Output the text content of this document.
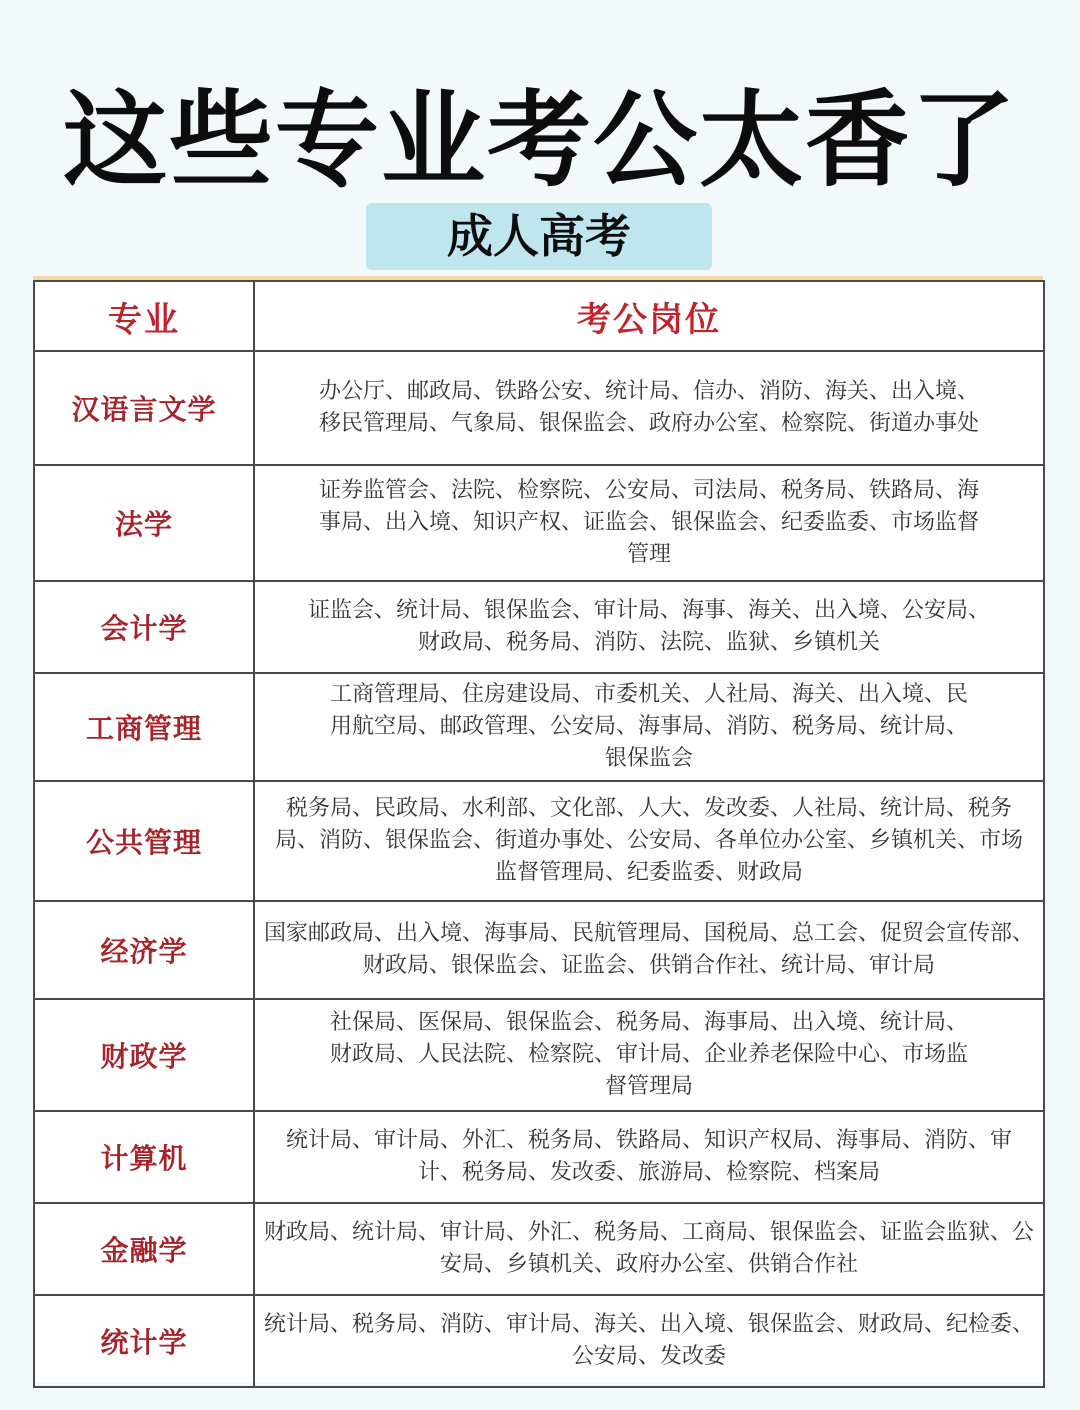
这些专业考公太香了
成人高考
专业	考公岗位
汉语言文学	办公厅、邮政局、铁路公安、统计局、信办、消防、海关、出入境、移民管理局、气象局、银保监会、政府办公室、检察院、街道办事处
法学	证券监管会、法院、检察院、公安局、司法局、税务局、铁路局、海事局、出入境、知识产权、证监会、银保监会、纪委监委、市场监督管理
会计学	证监会、统计局、银保监会、审计局、海事、海关、出入境、公安局、财政局、税务局、消防、法院、监狱、乡镇机关
工商管理	工商管理局、住房建设局、市委机关、人社局、海关、出入境、民用航空局、邮政管理、公安局、海事局、消防、税务局、统计局、银保监会
公共管理	税务局、民政局、水利部、文化部、人大、发改委、人社局、统计局、税务局、消防、银保监会、街道办事处、公安局、各单位办公室、乡镇机关、市场监督管理局、纪委监委、财政局
经济学	国家邮政局、出入境、海事局、民航管理局、国税局、总工会、促贸会宣传部、财政局、银保监会、证监会、供销合作社、统计局、审计局
财政学	社保局、医保局、银保监会、税务局、海事局、出入境、统计局、财政局、人民法院、检察院、审计局、企业养老保险中心、市场监督管理局
计算机	统计局、审计局、外汇、税务局、铁路局、知识产权局、海事局、消防、审计、税务局、发改委、旅游局、检察院、档案局
金融学	财政局、统计局、审计局、外汇、税务局、工商局、银保监会、证监会监狱、公安局、乡镇机关、政府办公室、供销合作社
统计学	统计局、税务局、消防、审计局、海关、出入境、银保监会、财政局、纪检委、公安局、发改委
